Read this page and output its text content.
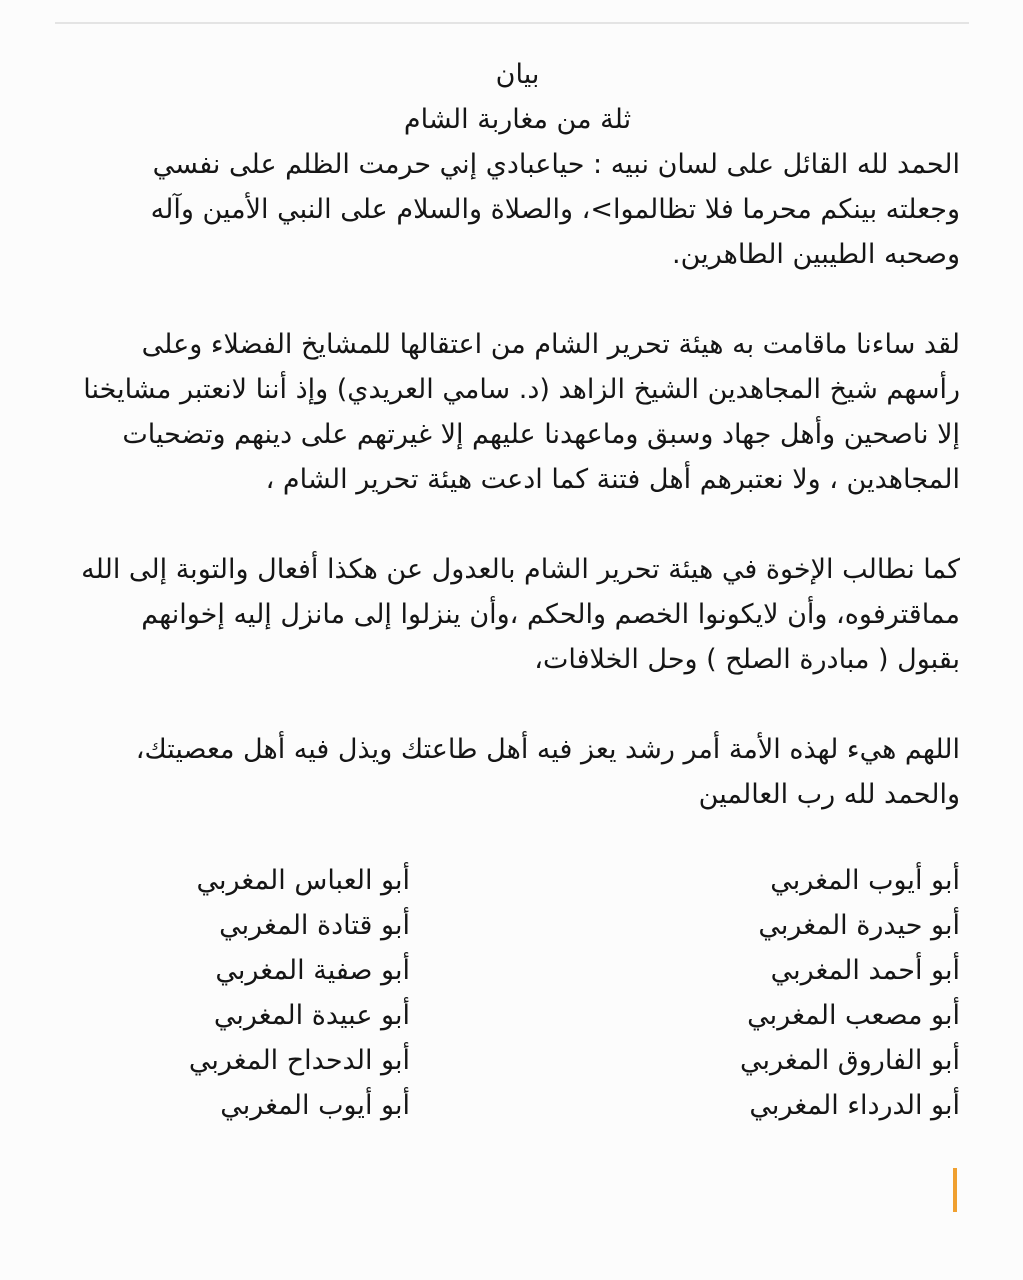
بيان
ثلة من مغاربة الشام

الحمد لله القائل على لسان نبيه : حياعبادي إني حرمت الظلم على نفسي وجعلته بينكم محرما فلا تظالموا>، والصلاة والسلام على النبي الأمين وآله وصحبه الطيبين الطاهرين.

لقد ساءنا ماقامت به هيئة تحرير الشام من اعتقالها للمشايخ الفضلاء وعلى رأسهم شيخ المجاهدين الشيخ الزاهد (د. سامي العريدي) وإذ أننا لانعتبر مشايخنا إلا ناصحين وأهل جهاد وسبق وماعهدنا عليهم إلا غيرتهم على دينهم وتضحيات المجاهدين ، ولا نعتبرهم أهل فتنة كما ادعت هيئة تحرير الشام ،

كما نطالب الإخوة في هيئة تحرير الشام بالعدول عن هكذا أفعال والتوبة إلى الله مماقترفوه، وأن لايكونوا الخصم والحكم ،وأن ينزلوا إلى مانزل إليه إخوانهم بقبول ( مبادرة الصلح ) وحل الخلافات،

اللهم هيء لهذه الأمة أمر رشد يعز فيه أهل طاعتك ويذل فيه أهل معصيتك، والحمد لله رب العالمين

أبو أيوب المغربي
أبو حيدرة المغربي
أبو أحمد المغربي
أبو مصعب المغربي
أبو الفاروق المغربي
أبو الدرداء المغربي
أبو العباس المغربي
أبو قتادة المغربي
أبو صفية المغربي
أبو عبيدة المغربي
أبو الدحداح المغربي
أبو أيوب المغربي
